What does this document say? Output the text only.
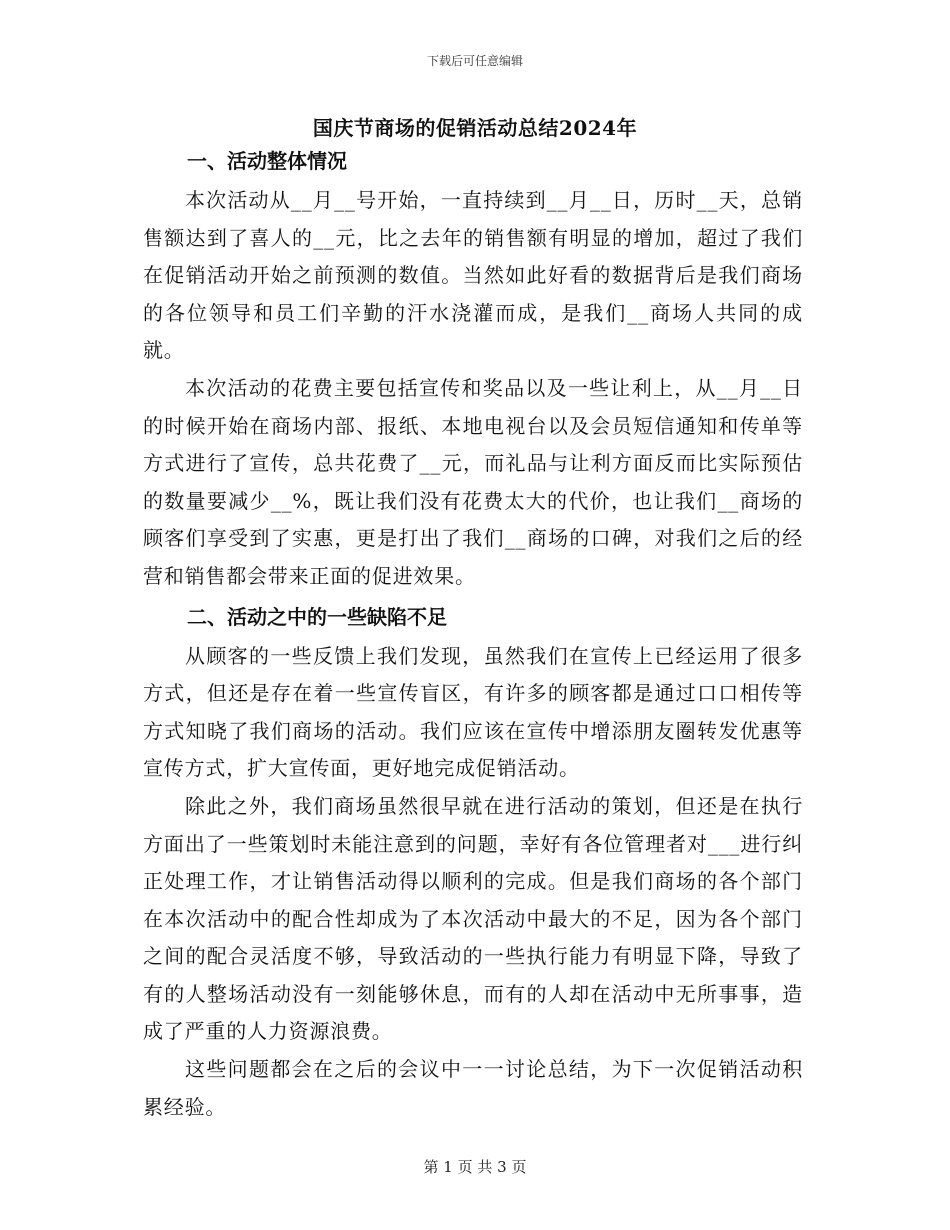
下载后可任意编辑
国庆节商场的促销活动总结2024年

一、活动整体情况

本次活动从__月__号开始，一直持续到__月__日，历时__天，总销售额达到了喜人的__元，比之去年的销售额有明显的增加，超过了我们在促销活动开始之前预测的数值。当然如此好看的数据背后是我们商场的各位领导和员工们辛勤的汗水浇灌而成，是我们__商场人共同的成就。

本次活动的花费主要包括宣传和奖品以及一些让利上，从__月__日的时候开始在商场内部、报纸、本地电视台以及会员短信通知和传单等方式进行了宣传，总共花费了__元，而礼品与让利方面反而比实际预估的数量要减少__%，既让我们没有花费太大的代价，也让我们__商场的顾客们享受到了实惠，更是打出了我们__商场的口碑，对我们之后的经营和销售都会带来正面的促进效果。

二、活动之中的一些缺陷不足

从顾客的一些反馈上我们发现，虽然我们在宣传上已经运用了很多方式，但还是存在着一些宣传盲区，有许多的顾客都是通过口口相传等方式知晓了我们商场的活动。我们应该在宣传中增添朋友圈转发优惠等宣传方式，扩大宣传面，更好地完成促销活动。

除此之外，我们商场虽然很早就在进行活动的策划，但还是在执行方面出了一些策划时未能注意到的问题，幸好有各位管理者对___进行纠正处理工作，才让销售活动得以顺利的完成。但是我们商场的各个部门在本次活动中的配合性却成为了本次活动中最大的不足，因为各个部门之间的配合灵活度不够，导致活动的一些执行能力有明显下降，导致了有的人整场活动没有一刻能够休息，而有的人却在活动中无所事事，造成了严重的人力资源浪费。

这些问题都会在之后的会议中一一讨论总结，为下一次促销活动积累经验。

第 1 页 共 3 页
